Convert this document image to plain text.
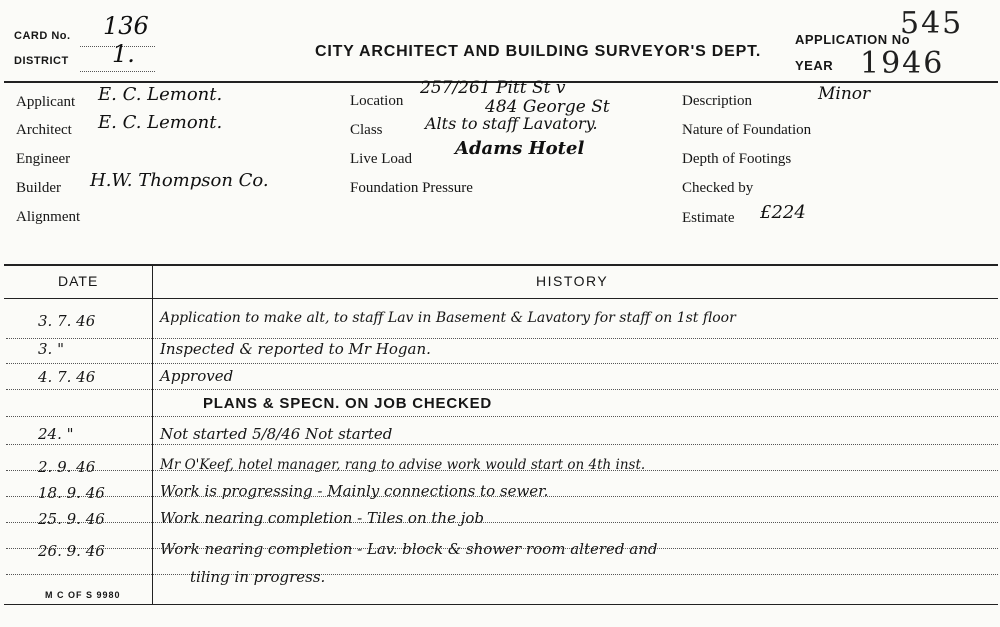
CARD No. 136
DISTRICT 1.	CITY ARCHITECT AND BUILDING SURVEYOR'S DEPT.
APPLICATION No
545
YEAR 1946
Applicant E. C. Lemont.
Architect E. C. Lemont.
Engineer
Builder H.W. Thompson Co.
Alignment
Location
257/261 Pitt St v
484 George St
Class	Alts to staff Lavatory.
Live Load Adams Hotel
Foundation Pressure
Description	Minor
Nature of Foundation
Depth of Footings
Checked by
Estimate £224
DATE	HISTORY
3. 7. 46	Application to make alt, to staff Lav in Basement & Lavatory for staff on 1st floor
3. "	Inspected & reported to Mr Hogan.
4. 7. 46	Approved
PLANS & SPECN. ON JOB CHECKED
24. "	Not started 5/8/46 Not started
2. 9. 46	Mr O'Keef, hotel manager, rang to advise work would start on 4th inst.
18. 9. 46	Work is progressing - Mainly connections to sewer.
25. 9. 46	Work nearing completion - Tiles on the job
26. 9. 46	Work nearing completion - Lav. block & shower room altered and
tiling in progress.
M C OF S 9980
